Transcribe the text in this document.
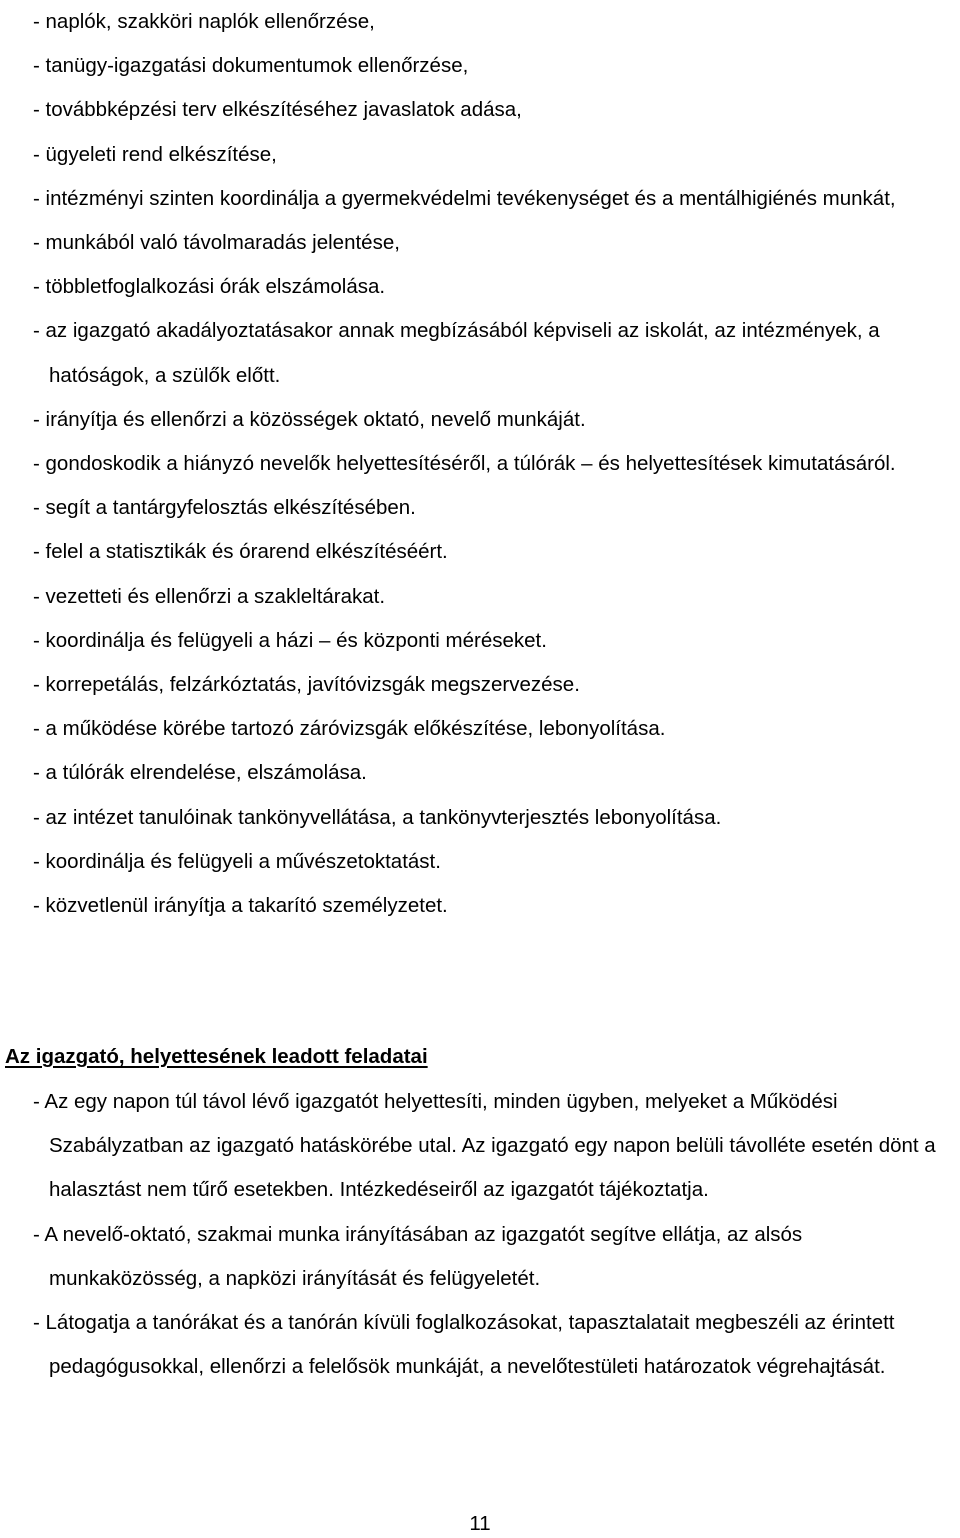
- naplók, szakköri naplók ellenőrzése,
- tanügy-igazgatási dokumentumok ellenőrzése,
- továbbképzési terv elkészítéséhez javaslatok adása,
- ügyeleti rend elkészítése,
- intézményi szinten koordinálja a gyermekvédelmi tevékenységet és a mentálhigiénés munkát,
- munkából való távolmaradás jelentése,
- többletfoglalkozási órák elszámolása.
- az igazgató akadályoztatásakor annak megbízásából képviseli az iskolát, az intézmények, a hatóságok, a szülők előtt.
- irányítja és ellenőrzi a közösségek oktató, nevelő munkáját.
- gondoskodik a hiányzó nevelők helyettesítéséről, a túlórák – és helyettesítések kimutatásáról.
- segít a tantárgyfelosztás elkészítésében.
- felel a statisztikák és órarend elkészítéséért.
- vezetteti és ellenőrzi a szakleltárakat.
- koordinálja és felügyeli a házi – és központi méréseket.
- korrepetálás, felzárkóztatás, javítóvizsgák megszervezése.
- a működése körébe tartozó záróvizsgák előkészítése, lebonyolítása.
- a túlórák elrendelése, elszámolása.
- az intézet tanulóinak tankönyvellátása, a tankönyvterjesztés lebonyolítása.
- koordinálja és felügyeli a művészetoktatást.
- közvetlenül irányítja a takarító személyzetet.
Az igazgató, helyettesének leadott feladatai
- Az egy napon túl távol lévő igazgatót helyettesíti, minden ügyben, melyeket a Működési Szabályzatban az igazgató hatáskörébe utal. Az igazgató egy napon belüli távolléte esetén dönt a halasztást nem tűrő esetekben. Intézkedéseiről az igazgatót tájékoztatja.
- A nevelő-oktató, szakmai munka irányításában az igazgatót segítve ellátja, az alsós munkaközösség, a napközi irányítását és felügyeletét.
- Látogatja a tanórákat és a tanórán kívüli foglalkozásokat, tapasztalatait megbeszéli az érintett pedagógusokkal, ellenőrzi a felelősök munkáját, a nevelőtestületi határozatok végrehajtását.
11
